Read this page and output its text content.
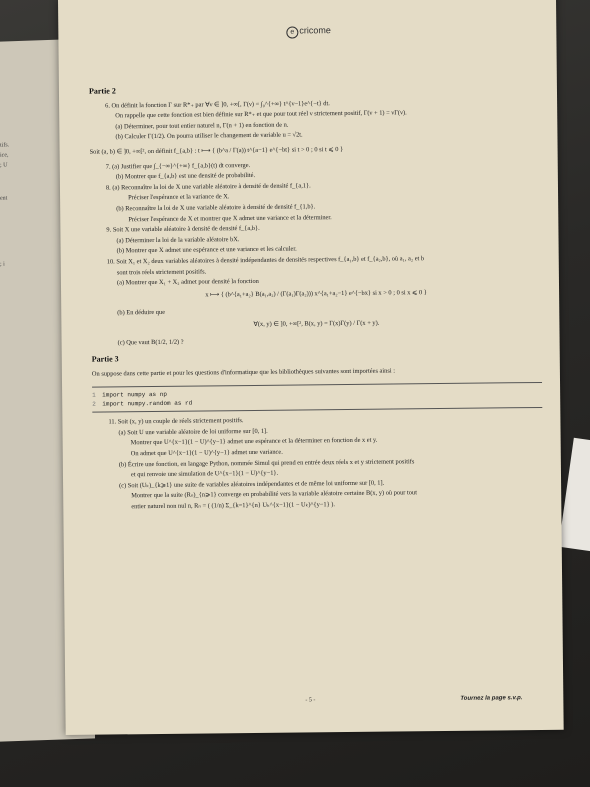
tifs.
ice,
; U
ent
; i
e cricome
Partie 2
6. On définit la fonction Γ sur R*₊ par ∀ν ∈ ]0, +∞[, Γ(ν) = ∫₀^{+∞} t^{ν−1}e^{−t} dt.
On rappelle que cette fonction est bien définie sur R*₊ et que pour tout réel ν strictement positif, Γ(ν + 1) = νΓ(ν).
(a) Déterminer, pour tout entier naturel n, Γ(n + 1) en fonction de n.
(b) Calculer Γ(1/2). On pourra utiliser le changement de variable u = √2t.
Soit (a, b) ∈ ]0, +∞[², on définit f_{a,b} : t ⟼ { (b^a / Γ(a)) t^{a−1} e^{−bt} si t > 0 ; 0 si t ⩽ 0 }
7. (a) Justifier que ∫_{−∞}^{+∞} f_{a,b}(t) dt converge.
(b) Montrer que f_{a,b} est une densité de probabilité.
8. (a) Reconnaître la loi de X une variable aléatoire à densité de densité f_{a,1}.
Préciser l'espérance et la variance de X.
(b) Reconnaître la loi de X une variable aléatoire à densité de densité f_{1,b}.
Préciser l'espérance de X et montrer que X admet une variance et la déterminer.
9. Soit X une variable aléatoire à densité de densité f_{a,b}.
(a) Déterminer la loi de la variable aléatoire bX.
(b) Montrer que X admet une espérance et une variance et les calculer.
10. Soit X₁ et X₂ deux variables aléatoires à densité indépendantes de densités respectives f_{a₁,b} et f_{a₂,b}, où a₁, a₂ et b
sont trois réels strictement positifs.
(a) Montrer que X₁ + X₂ admet pour densité la fonction
x ⟼ { (b^{a₁+a₂} B(a₁,a₂) / (Γ(a₁)Γ(a₂))) x^{a₁+a₂−1} e^{−bx} si x > 0 ; 0 si x ⩽ 0 }
(b) En déduire que
∀(x, y) ∈ ]0, +∞[², B(x, y) = Γ(x)Γ(y) / Γ(x + y).
(c) Que vaut B(1/2, 1/2) ?
Partie 3
On suppose dans cette partie et pour les questions d'informatique que les bibliothèques suivantes sont importées ainsi :
1	import numpy as np
2	import numpy.random as rd
11. Soit (x, y) un couple de réels strictement positifs.
(a) Soit U une variable aléatoire de loi uniforme sur [0, 1].
Montrer que U^{x−1}(1 − U)^{y−1} admet une espérance et la déterminer en fonction de x et y.
On admet que U^{x−1}(1 − U)^{y−1} admet une variance.
(b) Écrire une fonction, en langage Python, nommée Simul qui prend en entrée deux réels x et y strictement positifs
et qui renvoie une simulation de U^{x−1}(1 − U)^{y−1}.
(c) Soit (Uₖ)_{k⩾1} une suite de variables aléatoires indépendantes et de même loi uniforme sur [0, 1].
Montrer que la suite (Rₙ)_{n⩾1} converge en probabilité vers la variable aléatoire certaine B(x, y) où pour tout
entier naturel non nul n, Rₙ = ( (1/n) Σ_{k=1}^{n} Uₖ^{x−1}(1 − Uₖ)^{y−1} ).
- 5 -	Tournez la page s.v.p.
